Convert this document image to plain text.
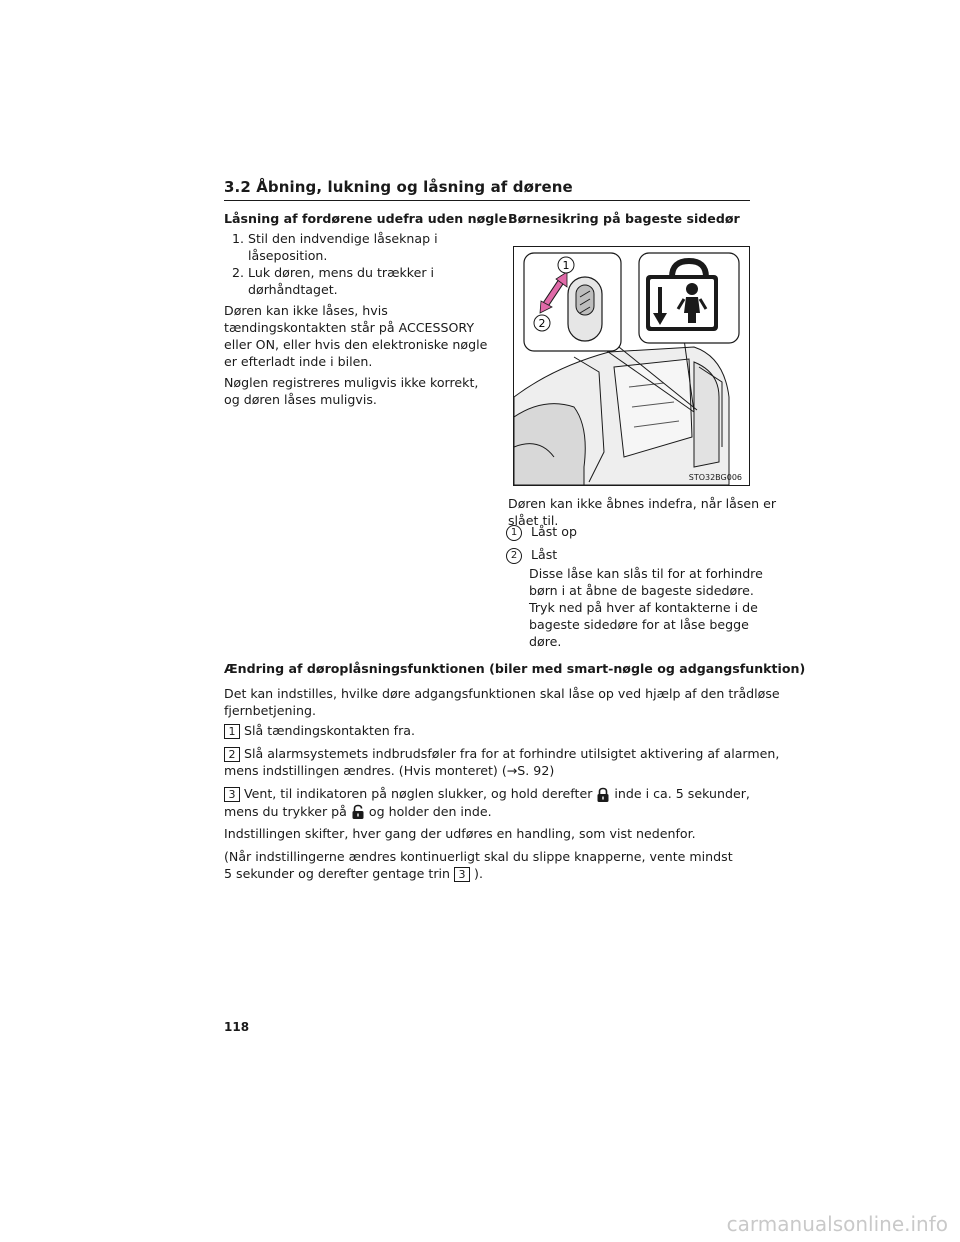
3.2 Åbning, lukning og låsning af dørene
Låsning af fordørene udefra uden nøgle
1. Stil den indvendige låseknap i
låseposition.
2. Luk døren, mens du trækker i
dørhåndtaget.
Døren kan ikke låses, hvis
tændingskontakten står på ACCESSORY
eller ON, eller hvis den elektroniske nøgle
er efterladt inde i bilen.
Nøglen registreres muligvis ikke korrekt,
og døren låses muligvis.
Børnesikring på bageste sidedør
1
2
STO32BG006
Døren kan ikke åbnes indefra, når låsen er
slået til.
1 Låst op
2 Låst
Disse låse kan slås til for at forhindre
børn i at åbne de bageste sidedøre.
Tryk ned på hver af kontakterne i de
bageste sidedøre for at låse begge
døre.
Ændring af døroplåsningsfunktionen (biler med smart-nøgle og adgangsfunktion)
Det kan indstilles, hvilke døre adgangsfunktionen skal låse op ved hjælp af den trådløse
fjernbetjening.
1 Slå tændingskontakten fra.
2 Slå alarmsystemets indbrudsføler fra for at forhindre utilsigtet aktivering af alarmen,
mens indstillingen ændres. (Hvis monteret) (→S. 92)
3 Vent, til indikatoren på nøglen slukker, og hold derefter inde i ca. 5 sekunder,
mens du trykker på og holder den inde.
Indstillingen skifter, hver gang der udføres en handling, som vist nedenfor.
(Når indstillingerne ændres kontinuerligt skal du slippe knapperne, vente mindst
5 sekunder og derefter gentage trin 3 ).
118
carmanualsonline.info
